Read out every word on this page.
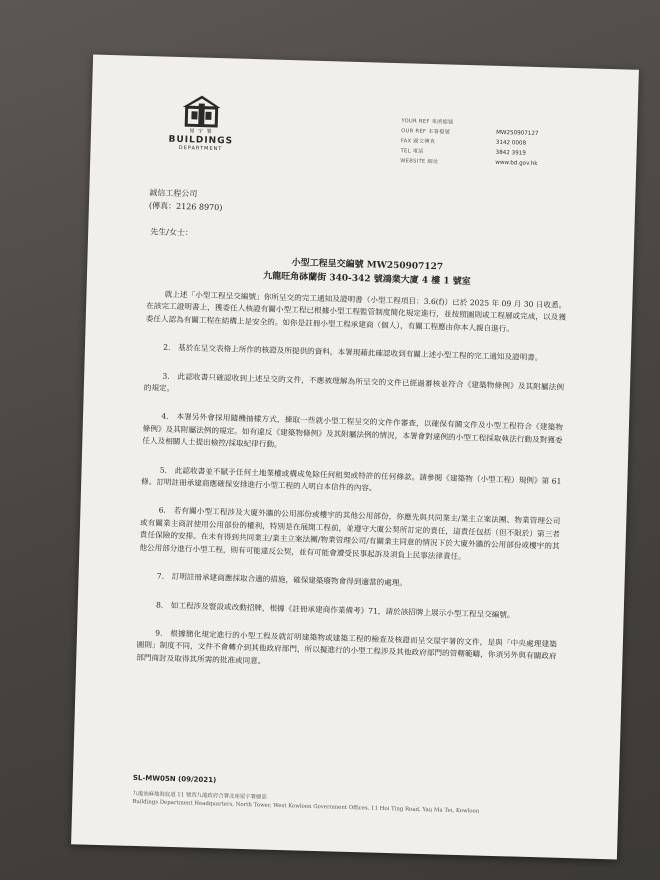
屋 宇 署
BUILDINGS
DEPARTMENT
YOUR REF 來函檔號
OUR REF 本署檔號	MW250907127
FAX 圖文傳真	3142 0008
TEL 電話	3842 3919
WEBSITE 網址	www.bd.gov.hk
誠信工程公司
(傳真：2126 8970)
先生/女士：
小型工程呈交編號 MW250907127
九龍旺角砵蘭街 340-342 號鴻業大廈 4 樓 1 號室

就上述「小型工程呈交編號」你所呈交的完工通知及證明書（小型工程項目：3.6(f)）已於 2025 年 09 月 30 日收悉。在該完工證明書上，獲委任人核證有關小型工程已根據小型工程監管制度簡化規定進行，並按照圖則或工程層或完成，以及獲委任人認為有關工程在結構上是安全的。如你是註冊小型工程承建商（個人），有關工程應由你本人親自進行。

2.　基於在呈交表格上所作的核證及所提供的資料，本署現藉此確認收到有關上述小型工程的完工通知及證明書。

3.　此認收書只確認收到上述呈交的文件，不應被理解為所呈交的文件已經過審核並符合《建築物條例》及其附屬法例的規定。

4.　本署另外會採用隨機抽樣方式，揀取一些就小型工程呈交的文件作審查，以確保有關文件及小型工程符合《建築物條例》及其附屬法例的規定。如有違反《建築物條例》及其附屬法例的情況，本署會對違例的小型工程採取執法行動及對獲委任人及相關人士提出檢控/採取紀律行動。

5.　此認收書並不賦予任何土地業權或構成免除任何租契或特許的任何條款。請參閱《建築物（小型工程）規例》第 61 條。訂明註冊承建商應確保安排進行小型工程的人明白本信件的內容。

6.　若有關小型工程涉及大廈外牆的公用部份或樓宇的其他公用部份，你應先與共同業主/業主立案法團、物業管理公司或有關業主商討使用公用部份的權利，特別是在展開工程前，並遵守大廈公契所訂定的責任，這責任包括（但不限於）第三者責任保險的安排。在未有得到共同業主/業主立案法團/物業管理公司/有關業主同意的情況下於大廈外牆的公用部份或樓宇的其他公用部分進行小型工程，則有可能違反公契，並有可能會遭受民事起訴及須負上民事法律責任。

7.　訂明註冊承建商應採取合適的措施，確保建築廢物會得到適當的處理。

8.　如工程涉及豎設或改動招牌，根據《註冊承建商作業備考》71，請於該招牌上展示小型工程呈交編號。

9.　根據簡化規定進行的小型工程及就訂明建築物或建築工程的檢查及核證而呈交屋宇署的文件，是與「中央處理建築圖則」制度不同，文件不會轉介到其他政府部門，所以擬進行的小型工程涉及其他政府部門的管轄範疇，你須另外與有關政府部門商討及取得其所需的批准或同意。

SL-MW05N (09/2021)
九龍油麻地海庭道 11 號西九龍政府合署北座屋宇署總部
Buildings Department Headquarters, North Tower, West Kowloon Government Offices, 11 Hoi Ting Road, Yau Ma Tei, Kowloon
